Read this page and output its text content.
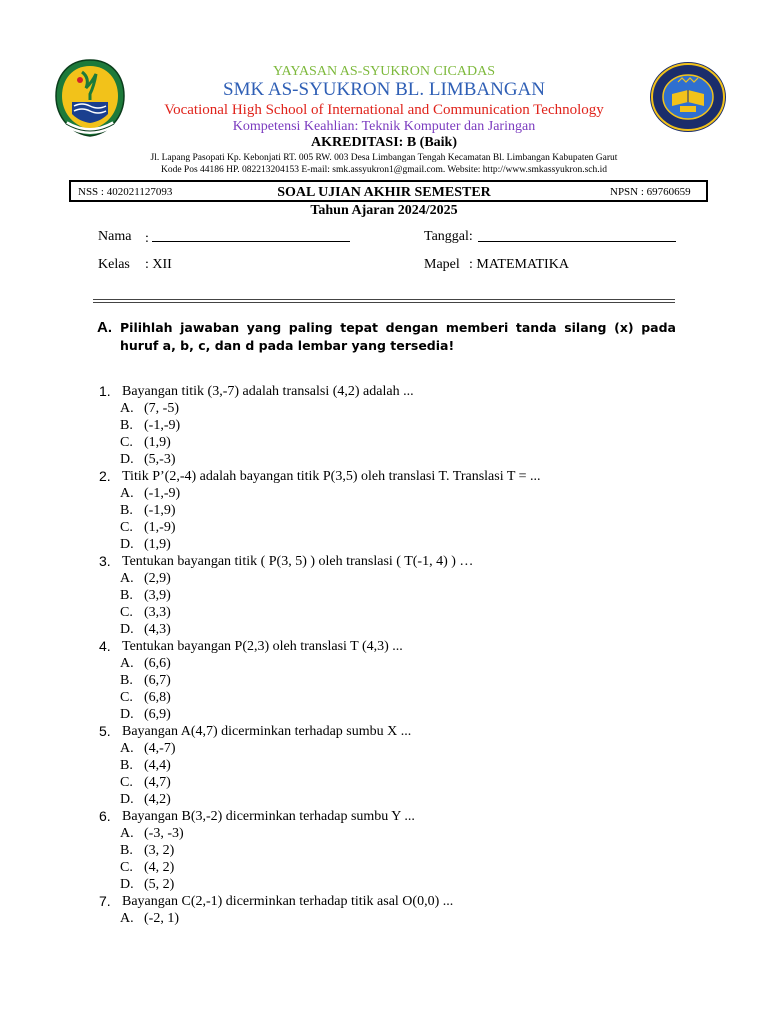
YAYASAN AS-SYUKRON CICADAS
SMK AS-SYUKRON BL. LIMBANGAN
Vocational High School of International and Communication Technology
Kompetensi Keahlian: Teknik Komputer dan Jaringan
AKREDITASI: B (Baik)
Jl. Lapang Pasopati Kp. Kebonjati RT. 005 RW. 003 Desa Limbangan Tengah Kecamatan Bl. Limbangan Kabupaten Garut
Kode Pos 44186 HP. 082213204153 E-mail: smk.assyukron1@gmail.com. Website: http://www.smkassyukron.sch.id
NSS : 402021127093	SOAL UJIAN AKHIR SEMESTER	NPSN : 69760659
Tahun Ajaran 2024/2025
Nama :	Tanggal:
Kelas : XII	Mapel : MATEMATIKA
A. Pilihlah jawaban yang paling tepat dengan memberi tanda silang (x) pada huruf a, b, c, dan d pada lembar yang tersedia!
1. Bayangan titik (3,-7) adalah transalsi (4,2) adalah ...
A. (7, -5)
B. (-1,-9)
C. (1,9)
D. (5,-3)
2. Titik P’(2,-4) adalah bayangan titik P(3,5) oleh translasi T. Translasi T = ...
A. (-1,-9)
B. (-1,9)
C. (1,-9)
D. (1,9)
3. Tentukan bayangan titik ( P(3, 5) ) oleh translasi ( T(-1, 4) ) …
A. (2,9)
B. (3,9)
C. (3,3)
D. (4,3)
4. Tentukan bayangan P(2,3) oleh translasi T (4,3) ...
A. (6,6)
B. (6,7)
C. (6,8)
D. (6,9)
5. Bayangan A(4,7) dicerminkan terhadap sumbu X ...
A. (4,-7)
B. (4,4)
C. (4,7)
D. (4,2)
6. Bayangan B(3,-2) dicerminkan terhadap sumbu Y ...
A. (-3, -3)
B. (3, 2)
C. (4, 2)
D. (5, 2)
7. Bayangan C(2,-1) dicerminkan terhadap titik asal O(0,0) ...
A. (-2, 1)
